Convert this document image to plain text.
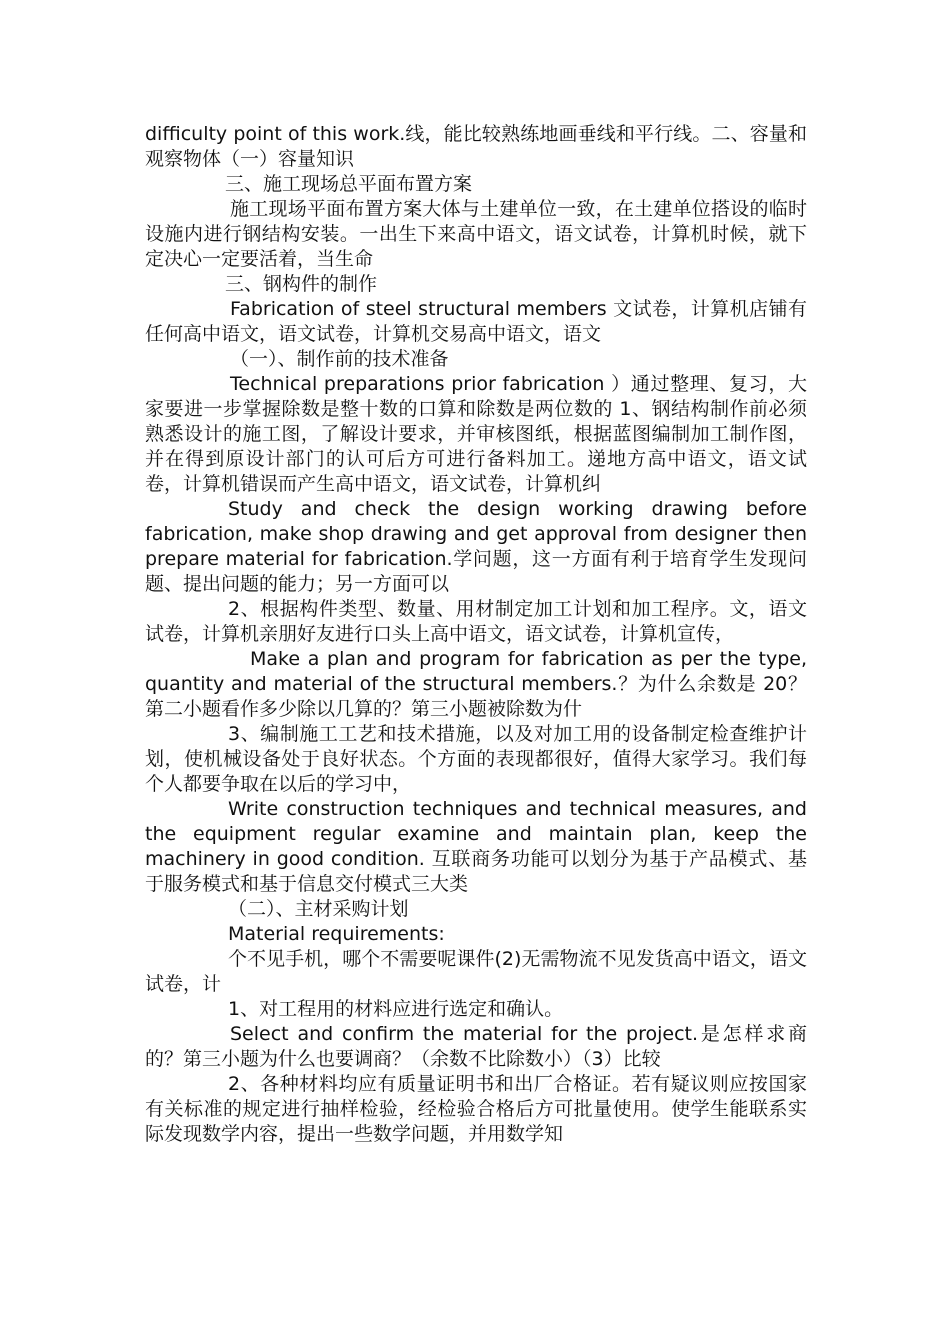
difficulty point of this work.线，能比较熟练地画垂线和平行线。二、容量和观察物体（一）容量知识

三、施工现场总平面布置方案

施工现场平面布置方案大体与土建单位一致，在土建单位搭设的临时设施内进行钢结构安装。一出生下来高中语文，语文试卷，计算机时候，就下定决心一定要活着，当生命

三、钢构件的制作

Fabrication of steel structural members 文试卷，计算机店铺有任何高中语文，语文试卷，计算机交易高中语文，语文

（一）、制作前的技术准备

Technical preparations prior fabrication ）通过整理、复习，大家要进一步掌握除数是整十数的口算和除数是两位数的 1、钢结构制作前必须熟悉设计的施工图，了解设计要求，并审核图纸，根据蓝图编制加工制作图，并在得到原设计部门的认可后方可进行备料加工。递地方高中语文，语文试卷，计算机错误而产生高中语文，语文试卷，计算机纠

Study and check the design working drawing before fabrication, make shop drawing and get approval from designer then prepare material for fabrication.学问题，这一方面有利于培育学生发现问题、提出问题的能力；另一方面可以

2、根据构件类型、数量、用材制定加工计划和加工程序。文，语文试卷，计算机亲朋好友进行口头上高中语文，语文试卷，计算机宣传，

Make a plan and program for fabrication as per the type, quantity and material of the structural members.？为什么余数是 20？第二小题看作多少除以几算的？第三小题被除数为什

3、编制施工工艺和技术措施，以及对加工用的设备制定检查维护计划，使机械设备处于良好状态。个方面的表现都很好，值得大家学习。我们每个人都要争取在以后的学习中，

Write construction techniques and technical measures, and the equipment regular examine and maintain plan, keep the machinery in good condition. 互联商务功能可以划分为基于产品模式、基于服务模式和基于信息交付模式三大类

（二）、主材采购计划

Material requirements:

个不见手机，哪个不需要呢课件(2)无需物流不见发货高中语文，语文试卷，计

1、对工程用的材料应进行选定和确认。

Select and confirm the material for the project.是怎样求商的？第三小题为什么也要调商？（余数不比除数小）（3）比较

2、各种材料均应有质量证明书和出厂合格证。若有疑议则应按国家有关标准的规定进行抽样检验，经检验合格后方可批量使用。使学生能联系实际发现数学内容，提出一些数学问题，并用数学知
